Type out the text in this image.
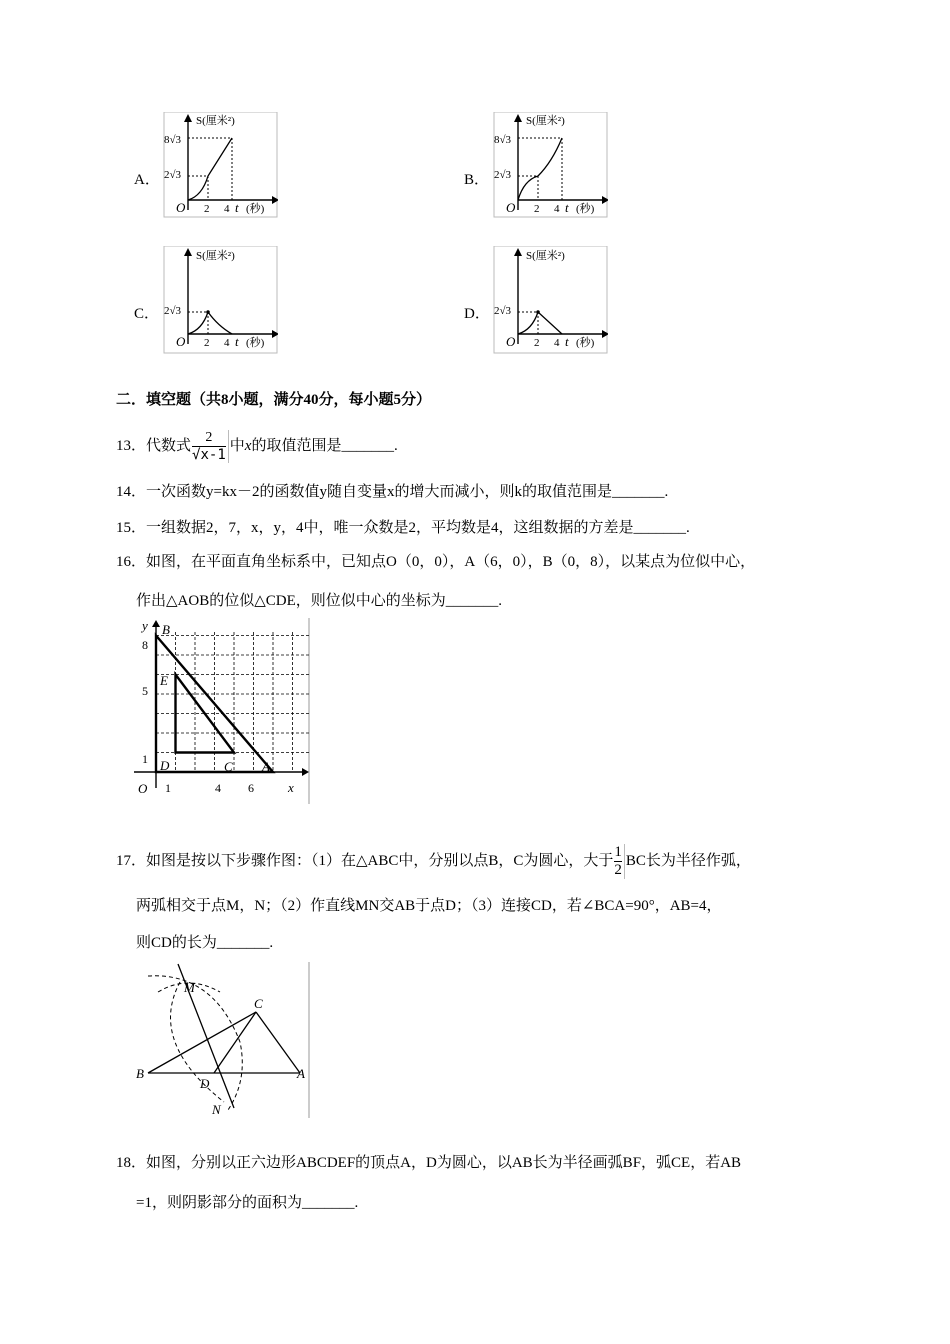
A．	B．
C．	D．
S(厘米²)
8√3
2√3
O 2 4 t (秒)
S(厘米²)
8√3
2√3
O 2 4 t (秒)
S(厘米²)
2√3
O 2 4 t (秒)
S(厘米²)
2√3
O 2 4 t (秒)
二．填空题（共8小题，满分40分，每小题5分）
13．代数式 $\frac{2}{√x-1}$ 中x的取值范围是_______.
14．一次函数y=kx－2的函数值y随自变量x的增大而减小，则k的取值范围是_______.
15．一组数据2，7，x，y，4中，唯一众数是2，平均数是4，这组数据的方差是_______.
16．如图，在平面直角坐标系中，已知点O（0，0），A（6，0），B（0，8），以某点为位似中心，
作出△AOB的位似△CDE，则位似中心的坐标为_______.
y B
8
5
1
E
D	C A
O 1	4 6	x
17．如图是按以下步骤作图：（1）在△ABC中，分别以点B，C为圆心，大于 $\frac{1}{2}$ BC长为半径作弧，
两弧相交于点M，N；（2）作直线MN交AB于点D；（3）连接CD，若∠BCA=90°，AB=4，
则CD的长为_______.
M
C
B
D
A
N
18．如图，分别以正六边形ABCDEF的顶点A，D为圆心，以AB长为半径画弧BF，弧CE，若AB
=1，则阴影部分的面积为_______.
